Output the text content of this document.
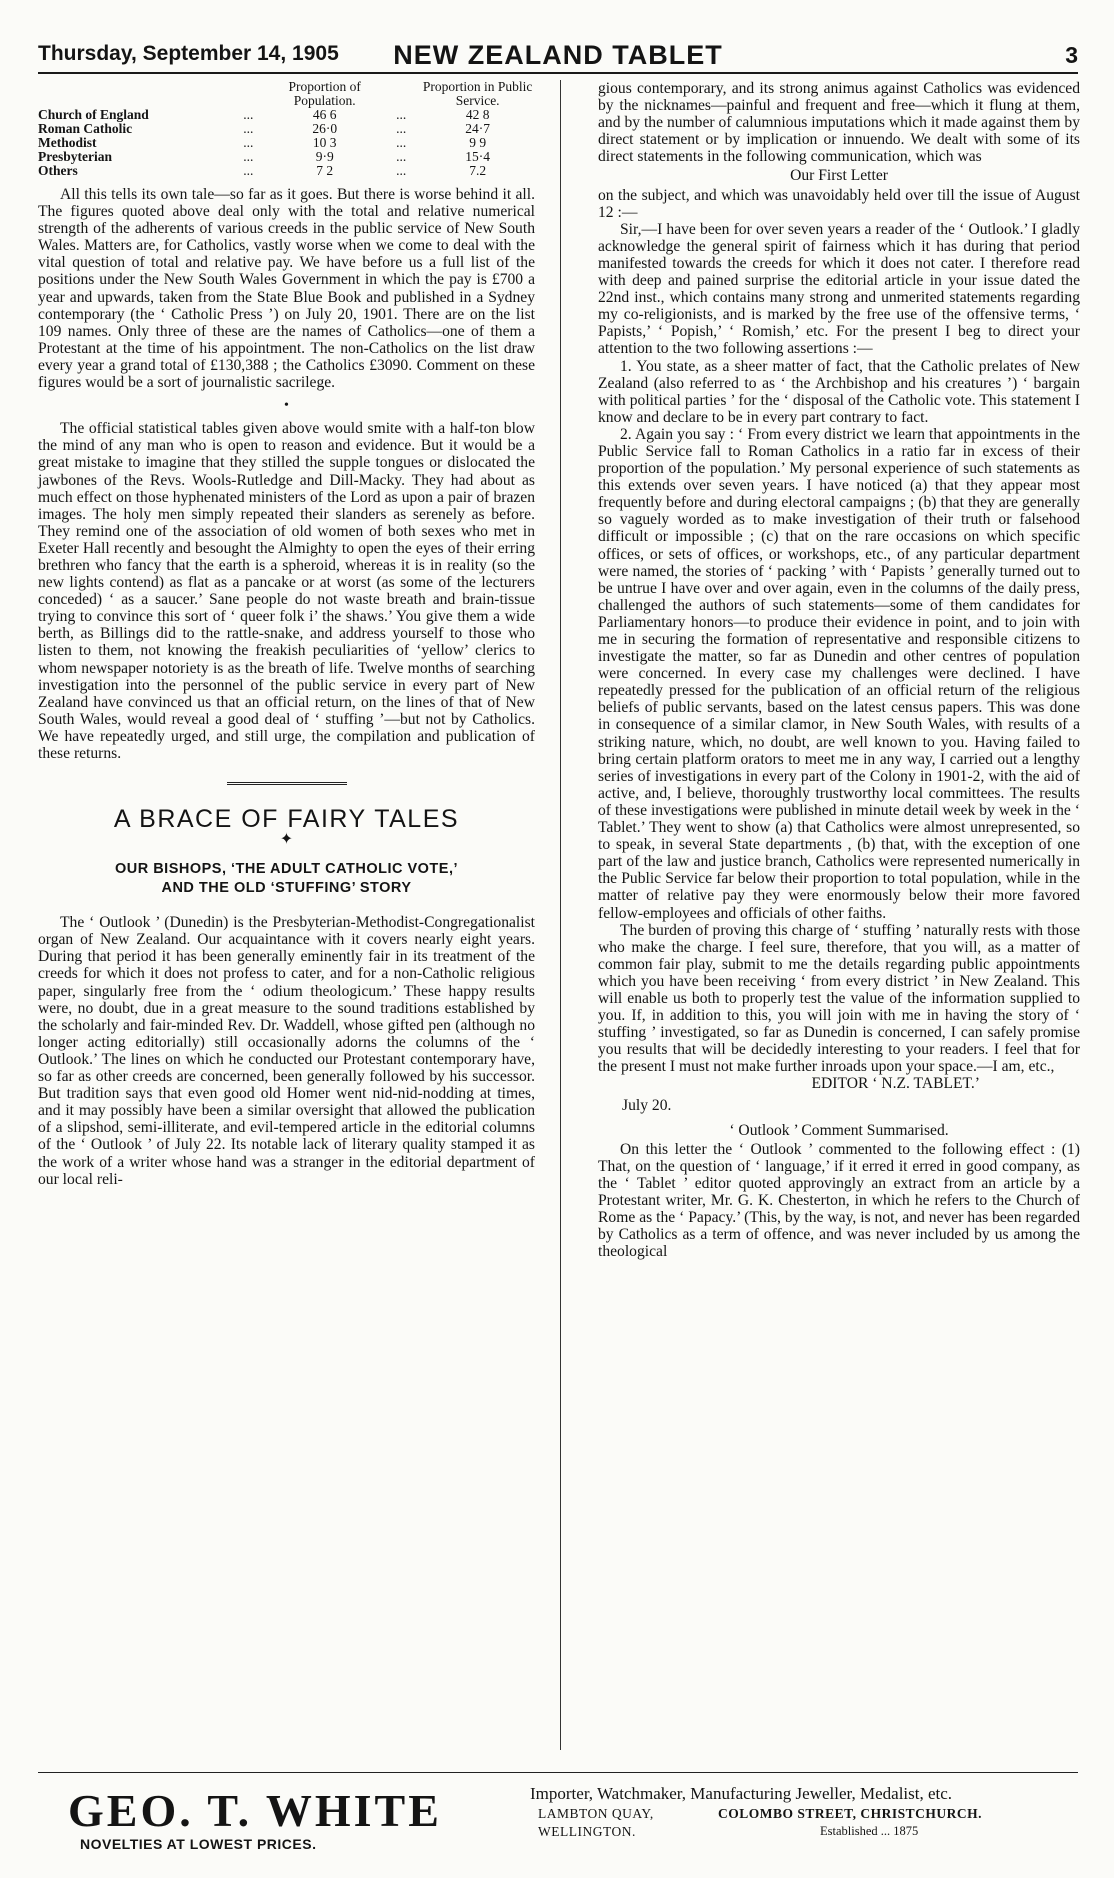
Thursday, September 14, 1905	NEW ZEALAND TABLET	3
		Proportion of Population.		Proportion in Public Service.
Church of England	...	46 6	...	42 8
Roman Catholic	...	26·0	...	24·7
Methodist	...	10 3	...	9 9
Presbyterian	...	9·9	...	15·4
Others	...	7 2	...	7.2

All this tells its own tale—so far as it goes. But there is worse behind it all. The figures quoted above deal only with the total and relative numerical strength of the adherents of various creeds in the public service of New South Wales. Matters are, for Catholics, vastly worse when we come to deal with the vital question of total and relative pay. We have before us a full list of the positions under the New South Wales Government in which the pay is £700 a year and upwards, taken from the State Blue Book and published in a Sydney contemporary (the ‘ Catholic Press ’) on July 20, 1901. There are on the list 109 names. Only three of these are the names of Catholics—one of them a Protestant at the time of his appointment. The non-Catholics on the list draw every year a grand total of £130,388 ; the Catholics £3090. Comment on these figures would be a sort of journalistic sacrilege.

•

The official statistical tables given above would smite with a half-ton blow the mind of any man who is open to reason and evidence. But it would be a great mistake to imagine that they stilled the supple tongues or dislocated the jawbones of the Revs. Wools-Rutledge and Dill-Macky. They had about as much effect on those hyphenated ministers of the Lord as upon a pair of brazen images. The holy men simply repeated their slanders as serenely as before. They remind one of the association of old women of both sexes who met in Exeter Hall recently and besought the Almighty to open the eyes of their erring brethren who fancy that the earth is a spheroid, whereas it is in reality (so the new lights contend) as flat as a pancake or at worst (as some of the lecturers conceded) ‘ as a saucer.’ Sane people do not waste breath and brain-tissue trying to convince this sort of ‘ queer folk i’ the shaws.’ You give them a wide berth, as Billings did to the rattle-snake, and address yourself to those who listen to them, not knowing the freakish peculiarities of ‘yellow’ clerics to whom newspaper notoriety is as the breath of life. Twelve months of searching investigation into the personnel of the public service in every part of New Zealand have convinced us that an official return, on the lines of that of New South Wales, would reveal a good deal of ‘ stuffing ’—but not by Catholics. We have repeatedly urged, and still urge, the compilation and publication of these returns.

A BRACE OF FAIRY TALES
✦
OUR BISHOPS, ‘THE ADULT CATHOLIC VOTE,’
AND THE OLD ‘STUFFING’ STORY

The ‘ Outlook ’ (Dunedin) is the Presbyterian-Methodist-Congregationalist organ of New Zealand. Our acquaintance with it covers nearly eight years. During that period it has been generally eminently fair in its treatment of the creeds for which it does not profess to cater, and for a non-Catholic religious paper, singularly free from the ‘ odium theologicum.’ These happy results were, no doubt, due in a great measure to the sound traditions established by the scholarly and fair-minded Rev. Dr. Waddell, whose gifted pen (although no longer acting editorially) still occasionally adorns the columns of the ‘ Outlook.’ The lines on which he conducted our Protestant contemporary have, so far as other creeds are concerned, been generally followed by his successor. But tradition says that even good old Homer went nid-nid-nodding at times, and it may possibly have been a similar oversight that allowed the publication of a slipshod, semi-illiterate, and evil-tempered article in the editorial columns of the ‘ Outlook ’ of July 22. Its notable lack of literary quality stamped it as the work of a writer whose hand was a stranger in the editorial department of our local reli-

gious contemporary, and its strong animus against Catholics was evidenced by the nicknames—painful and frequent and free—which it flung at them, and by the number of calumnious imputations which it made against them by direct statement or by implication or innuendo. We dealt with some of its direct statements in the following communication, which was

Our First Letter

on the subject, and which was unavoidably held over till the issue of August 12 :—

Sir,—I have been for over seven years a reader of the ‘ Outlook.’ I gladly acknowledge the general spirit of fairness which it has during that period manifested towards the creeds for which it does not cater. I therefore read with deep and pained surprise the editorial article in your issue dated the 22nd inst., which contains many strong and unmerited statements regarding my co-religionists, and is marked by the free use of the offensive terms, ‘ Papists,’ ‘ Popish,’ ‘ Romish,’ etc. For the present I beg to direct your attention to the two following assertions :—

1. You state, as a sheer matter of fact, that the Catholic prelates of New Zealand (also referred to as ‘ the Archbishop and his creatures ’) ‘ bargain with political parties ’ for the ‘ disposal of the Catholic vote. This statement I know and declare to be in every part contrary to fact.

2. Again you say : ‘ From every district we learn that appointments in the Public Service fall to Roman Catholics in a ratio far in excess of their proportion of the population.’ My personal experience of such statements as this extends over seven years. I have noticed (a) that they appear most frequently before and during electoral campaigns ; (b) that they are generally so vaguely worded as to make investigation of their truth or falsehood difficult or impossible ; (c) that on the rare occasions on which specific offices, or sets of offices, or workshops, etc., of any particular department were named, the stories of ‘ packing ’ with ‘ Papists ’ generally turned out to be untrue I have over and over again, even in the columns of the daily press, challenged the authors of such statements—some of them candidates for Parliamentary honors—to produce their evidence in point, and to join with me in securing the formation of representative and responsible citizens to investigate the matter, so far as Dunedin and other centres of population were concerned. In every case my challenges were declined. I have repeatedly pressed for the publication of an official return of the religious beliefs of public servants, based on the latest census papers. This was done in consequence of a similar clamor, in New South Wales, with results of a striking nature, which, no doubt, are well known to you. Having failed to bring certain platform orators to meet me in any way, I carried out a lengthy series of investigations in every part of the Colony in 1901-2, with the aid of active, and, I believe, thoroughly trustworthy local committees. The results of these investigations were published in minute detail week by week in the ‘ Tablet.’ They went to show (a) that Catholics were almost unrepresented, so to speak, in several State departments , (b) that, with the exception of one part of the law and justice branch, Catholics were represented numerically in the Public Service far below their proportion to total population, while in the matter of relative pay they were enormously below their more favored fellow-employees and officials of other faiths.

The burden of proving this charge of ‘ stuffing ’ naturally rests with those who make the charge. I feel sure, therefore, that you will, as a matter of common fair play, submit to me the details regarding public appointments which you have been receiving ‘ from every district ’ in New Zealand. This will enable us both to properly test the value of the information supplied to you. If, in addition to this, you will join with me in having the story of ‘ stuffing ’ investigated, so far as Dunedin is concerned, I can safely promise you results that will be decidedly interesting to your readers. I feel that for the present I must not make further inroads upon your space.—I am, etc.,

EDITOR ‘ N.Z. TABLET.’
July 20.
‘ Outlook ’ Comment Summarised.

On this letter the ‘ Outlook ’ commented to the following effect : (1) That, on the question of ‘ language,’ if it erred it erred in good company, as the ‘ Tablet ’ editor quoted approvingly an extract from an article by a Protestant writer, Mr. G. K. Chesterton, in which he refers to the Church of Rome as the ‘ Papacy.’ (This, by the way, is not, and never has been regarded by Catholics as a term of offence, and was never included by us among the theological

GEO. T. WHITE
NOVELTIES AT LOWEST PRICES.
Importer, Watchmaker, Manufacturing Jeweller, Medalist, etc.
LAMBTON QUAY,	COLOMBO STREET, CHRISTCHURCH.
WELLINGTON.	Established ... 1875
